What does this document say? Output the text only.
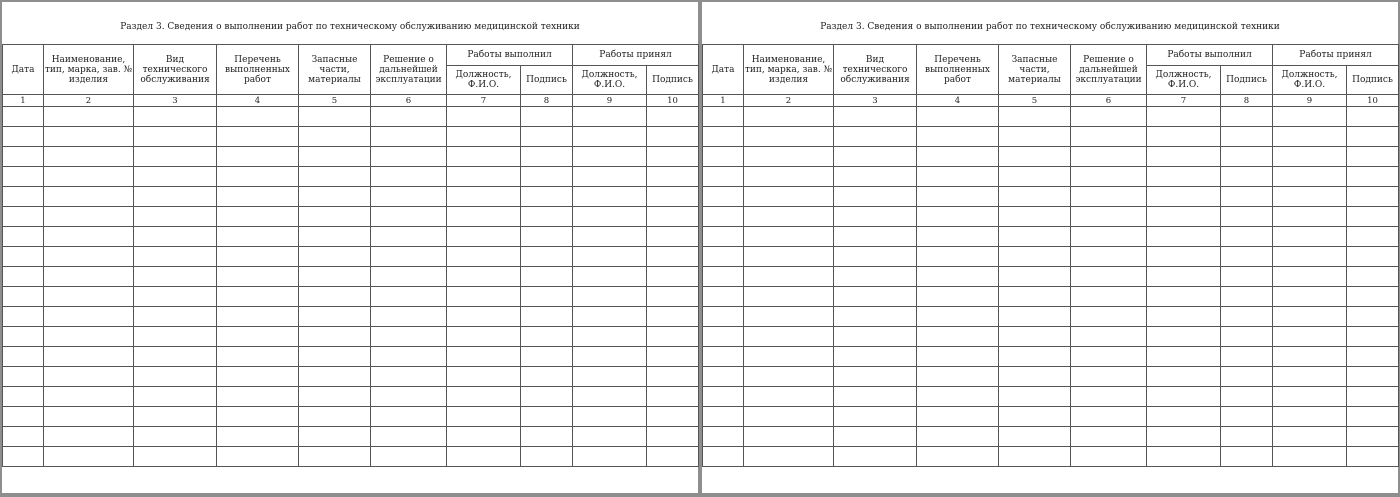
Раздел 3. Сведения о выполнении работ по техническому обслуживанию медицинской техники
Дата	Наименование, тип, марка, зав. № изделия	Вид технического обслуживания	Перечень выполненных работ	Запасные части, материалы	Решение о дальнейшей эксплуатации	Работы выполнил		Работы принял	
						Должность, Ф.И.О.	Подпись	Должность, Ф.И.О.	Подпись
1	2	3	4	5	6	7	8	9	10

Раздел 3. Сведения о выполнении работ по техническому обслуживанию медицинской техники
Дата	Наименование, тип, марка, зав. № изделия	Вид технического обслуживания	Перечень выполненных работ	Запасные части, материалы	Решение о дальнейшей эксплуатации	Работы выполнил		Работы принял	
						Должность, Ф.И.О.	Подпись	Должность, Ф.И.О.	Подпись
1	2	3	4	5	6	7	8	9	10
